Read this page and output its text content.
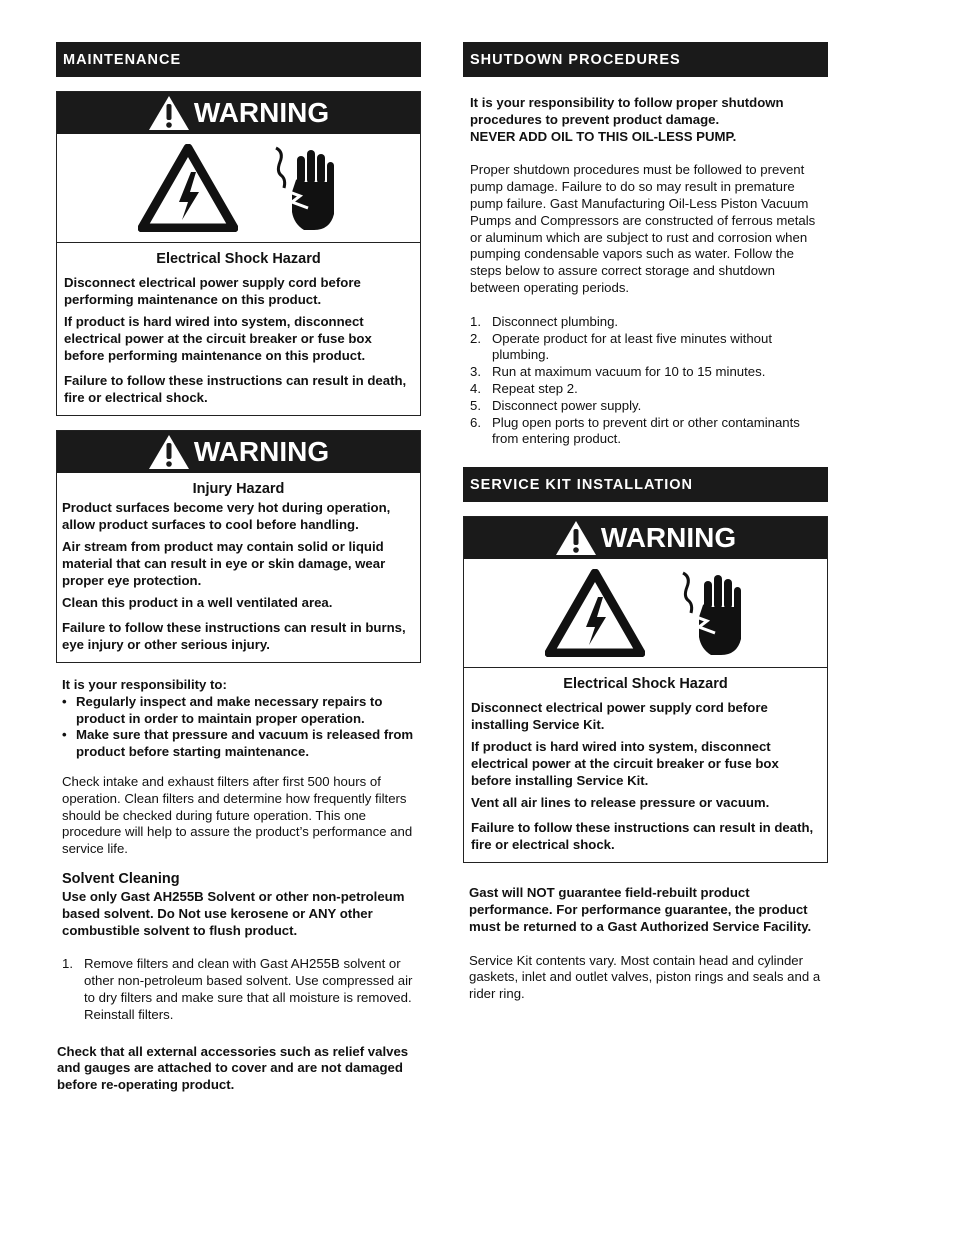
MAINTENANCE
WARNING
Electrical Shock Hazard

Disconnect electrical power supply cord before performing maintenance on this product.

If product is hard wired into system, disconnect electrical power at the circuit breaker or fuse box before performing maintenance on this product.

Failure to follow these instructions can result in death, fire or electrical shock.

WARNING
Injury Hazard

Product surfaces become very hot during operation, allow product surfaces to cool before handling.

Air stream from product may contain solid or liquid material that can result in eye or skin damage, wear proper eye protection.

Clean this product in a well ventilated area.

Failure to follow these instructions can result in burns, eye injury or other serious injury.

It is your responsibility to:

• Regularly inspect and make necessary repairs to product in order to maintain proper operation.
• Make sure that pressure and vacuum is released from product before starting maintenance.

Check intake and exhaust filters after first 500 hours of operation. Clean filters and determine how frequently filters should be checked during future operation. This one procedure will help to assure the product’s performance and service life.

Solvent Cleaning

Use only Gast AH255B Solvent or other non-petroleum based solvent. Do Not use kerosene or ANY other combustible solvent to flush product.

1. Remove filters and clean with Gast AH255B solvent or other non-petroleum based solvent. Use compressed air to dry filters and make sure that all moisture is removed. Reinstall filters.

Check that all external accessories such as relief valves and gauges are attached to cover and are not damaged before re-operating product.

SHUTDOWN PROCEDURES

It is your responsibility to follow proper shutdown procedures to prevent product damage.

NEVER ADD OIL TO THIS OIL-LESS PUMP.

Proper shutdown procedures must be followed to prevent pump damage. Failure to do so may result in premature pump failure. Gast Manufacturing Oil-Less Piston Vacuum Pumps and Compressors are constructed of ferrous metals or aluminum which are subject to rust and corrosion when pumping condensable vapors such as water. Follow the steps below to assure correct storage and shutdown between operating periods.

1. Disconnect plumbing.
2. Operate product for at least five minutes without plumbing.
3. Run at maximum vacuum for 10 to 15 minutes.
4. Repeat step 2.
5. Disconnect power supply.
6. Plug open ports to prevent dirt or other contaminants from entering product.
SERVICE KIT INSTALLATION
WARNING
Electrical Shock Hazard

Disconnect electrical power supply cord before installing Service Kit.

If product is hard wired into system, disconnect electrical power at the circuit breaker or fuse box before installing Service Kit.

Vent all air lines to release pressure or vacuum.

Failure to follow these instructions can result in death, fire or electrical shock.

Gast will NOT guarantee field-rebuilt product performance. For performance guarantee, the product must be returned to a Gast Authorized Service Facility.

Service Kit contents vary. Most contain head and cylinder gaskets, inlet and outlet valves, piston rings and seals and a rider ring.
